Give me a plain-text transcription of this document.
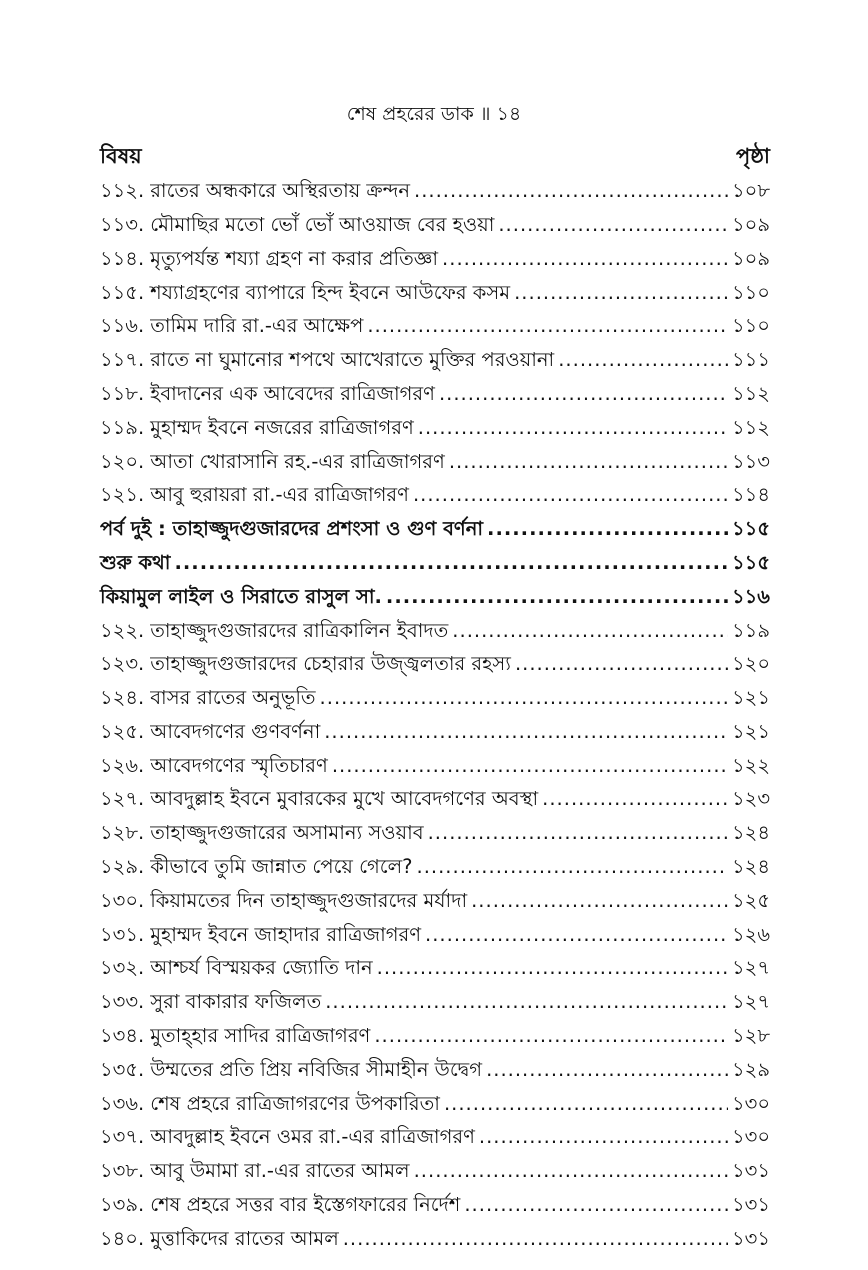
শেষ প্রহরের ডাক ॥ ১৪
বিষয়	পৃষ্ঠা
১১২. রাতের অন্ধকারে অস্থিরতায় ক্রন্দন .....	১০৮
১১৩. মৌমাছির মতো ভোঁ ভোঁ আওয়াজ বের হওয়া .....	১০৯
১১৪. মৃত্যুপর্যন্ত শয্যা গ্রহণ না করার প্রতিজ্ঞা .....	১০৯
১১৫. শয্যাগ্রহণের ব্যাপারে হিন্দ ইবনে আউফের কসম .....	১১০
১১৬. তামিম দারি রা.-এর আক্ষেপ .....	১১০
১১৭. রাতে না ঘুমানোর শপথে আখেরাতে মুক্তির পরওয়ানা .....	১১১
১১৮. ইবাদানের এক আবেদের রাত্রিজাগরণ .....	১১২
১১৯. মুহাম্মদ ইবনে নজরের রাত্রিজাগরণ .....	১১২
১২০. আতা খোরাসানি রহ.-এর রাত্রিজাগরণ .....	১১৩
১২১. আবু হুরায়রা রা.-এর রাত্রিজাগরণ .....	১১৪
পর্ব দুই : তাহাজ্জুদগুজারদের প্রশংসা ও গুণ বর্ণনা .....	১১৫
শুরু কথা .....	১১৫
কিয়ামুল লাইল ও সিরাতে রাসুল সা. .....	১১৬
১২২. তাহাজ্জুদগুজারদের রাত্রিকালিন ইবাদত .....	১১৯
১২৩. তাহাজ্জুদগুজারদের চেহারার উজ্জ্বলতার রহস্য .....	১২০
১২৪. বাসর রাতের অনুভূতি .....	১২১
১২৫. আবেদগণের গুণবর্ণনা .....	১২১
১২৬. আবেদগণের স্মৃতিচারণ .....	১২২
১২৭. আবদুল্লাহ ইবনে মুবারকের মুখে আবেদগণের অবস্থা .....	১২৩
১২৮. তাহাজ্জুদগুজারের অসামান্য সওয়াব .....	১২৪
১২৯. কীভাবে তুমি জান্নাত পেয়ে গেলে? .....	১২৪
১৩০. কিয়ামতের দিন তাহাজ্জুদগুজারদের মর্যাদা .....	১২৫
১৩১. মুহাম্মদ ইবনে জাহাদার রাত্রিজাগরণ .....	১২৬
১৩২. আশ্চর্য বিস্ময়কর জ্যোতি দান .....	১২৭
১৩৩. সুরা বাকারার ফজিলত .....	১২৭
১৩৪. মুতাহ্হার সাদির রাত্রিজাগরণ .....	১২৮
১৩৫. উম্মতের প্রতি প্রিয় নবিজির সীমাহীন উদ্বেগ .....	১২৯
১৩৬. শেষ প্রহরে রাত্রিজাগরণের উপকারিতা .....	১৩০
১৩৭. আবদুল্লাহ ইবনে ওমর রা.-এর রাত্রিজাগরণ .....	১৩০
১৩৮. আবু উমামা রা.-এর রাতের আমল .....	১৩১
১৩৯. শেষ প্রহরে সত্তর বার ইস্তেগফারের নির্দেশ .....	১৩১
১৪০. মুত্তাকিদের রাতের আমল .....	১৩১
